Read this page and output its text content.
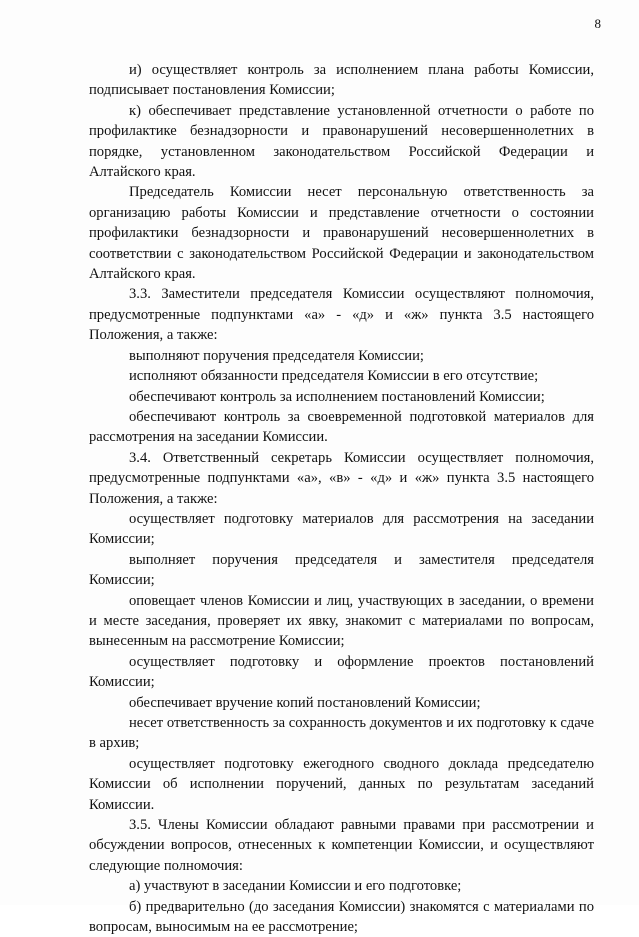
8

и) осуществляет контроль за исполнением плана работы Комиссии, подписывает постановления Комиссии;

к) обеспечивает представление установленной отчетности о работе по профилактике безнадзорности и правонарушений несовершеннолетних в порядке, установленном законодательством Российской Федерации и Алтайского края.

Председатель Комиссии несет персональную ответственность за организацию работы Комиссии и представление отчетности о состоянии профилактики безнадзорности и правонарушений несовершеннолетних в соответствии с законодательством Российской Федерации и законодательством Алтайского края.

3.3. Заместители председателя Комиссии осуществляют полномочия, предусмотренные подпунктами «а» - «д» и «ж» пункта 3.5 настоящего Положения, а также:

выполняют поручения председателя Комиссии;

исполняют обязанности председателя Комиссии в его отсутствие;

обеспечивают контроль за исполнением постановлений Комиссии;

обеспечивают контроль за своевременной подготовкой материалов для рассмотрения на заседании Комиссии.

3.4. Ответственный секретарь Комиссии осуществляет полномочия, предусмотренные подпунктами «а», «в» - «д» и «ж» пункта 3.5 настоящего Положения, а также:

осуществляет подготовку материалов для рассмотрения на заседании Комиссии;

выполняет поручения председателя и заместителя председателя Комиссии;

оповещает членов Комиссии и лиц, участвующих в заседании, о времени и месте заседания, проверяет их явку, знакомит с материалами по вопросам, вынесенным на рассмотрение Комиссии;

осуществляет подготовку и оформление проектов постановлений Комиссии;

обеспечивает вручение копий постановлений Комиссии;

несет ответственность за сохранность документов и их подготовку к сдаче в архив;

осуществляет подготовку ежегодного сводного доклада председателю Комиссии об исполнении поручений, данных по результатам заседаний Комиссии.

3.5. Члены Комиссии обладают равными правами при рассмотрении и обсуждении вопросов, отнесенных к компетенции Комиссии, и осуществляют следующие полномочия:

а) участвуют в заседании Комиссии и его подготовке;

б) предварительно (до заседания Комиссии) знакомятся с материалами по вопросам, выносимым на ее рассмотрение;
